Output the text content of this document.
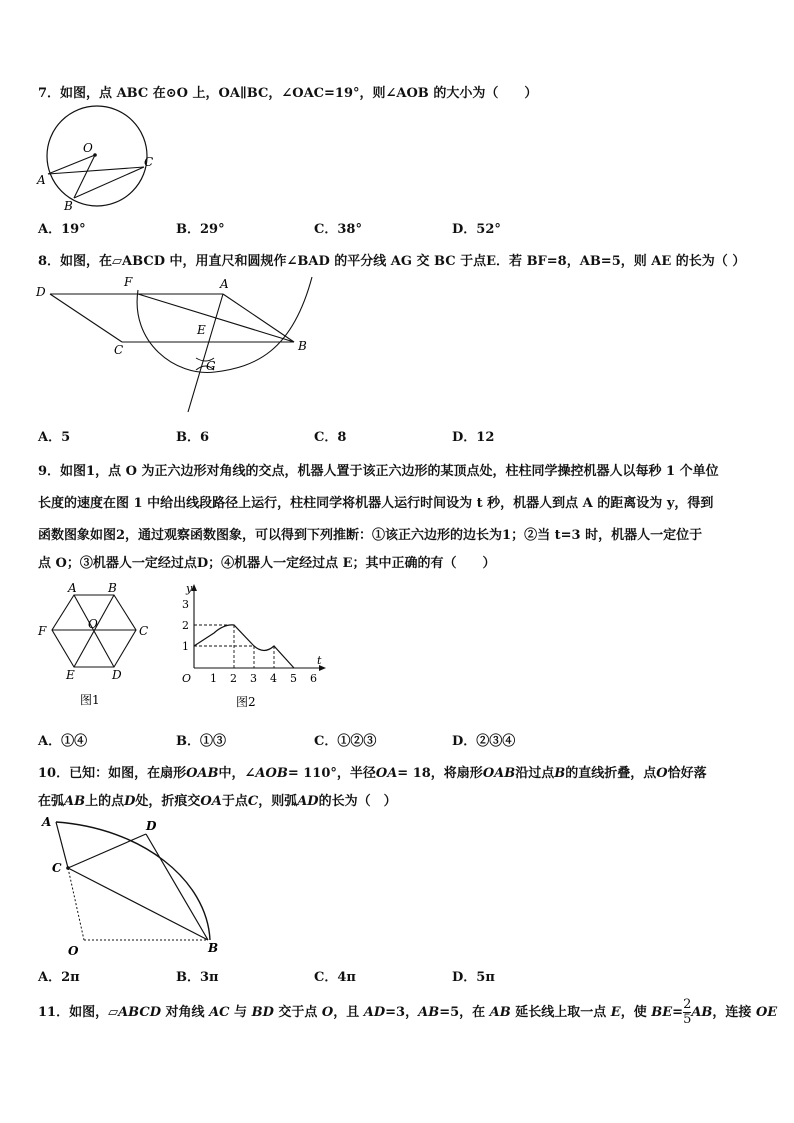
7．如图，点 ABC 在⊙O 上，OA∥BC，∠OAC=19°，则∠AOB 的大小为（　　）
O
A
B
C
A．19°	B．29°	C．38°	D．52°
8．如图，在▱ABCD 中，用直尺和圆规作∠BAD 的平分线 AG 交 BC 于点E．若 BF=8，AB=5，则 AE 的长为（ ）
D
F	A
E
C	B
G
A．5	B．6	C．8	D．12
9．如图1，点 O 为正六边形对角线的交点，机器人置于该正六边形的某顶点处，柱柱同学操控机器人以每秒 1 个单位
长度的速度在图 1 中给出线段路径上运行，柱柱同学将机器人运行时间设为 t 秒，机器人到点 A 的距离设为 y，得到
函数图象如图2，通过观察函数图象，可以得到下列推断：①该正六边形的边长为1；②当 t=3 时，机器人一定位于
点 O；③机器人一定经过点D；④机器人一定经过点 E；其中正确的有（　　）
A	B
C
D
E
F	O
图1
1 2 3 4 5 6
1
2
3
O
y
t
图2
A．①④	B．①③	C．①②③	D．②③④
10．已知：如图，在扇形OAB中，∠AOB= 110°，半径OA= 18，将扇形OAB沿过点B的直线折叠，点O恰好落
在弧AB上的点D处，折痕交OA于点C，则弧AD的长为（　）
A	D
C
O	B
A．2π	B．3π	C．4π	D．5π
11．如图，▱ABCD 对角线 AC 与 BD 交于点 O，且 AD=3，AB=5，在 AB 延长线上取一点 E，使 $BE= \frac{2}{5}$ AB，连接 OE
